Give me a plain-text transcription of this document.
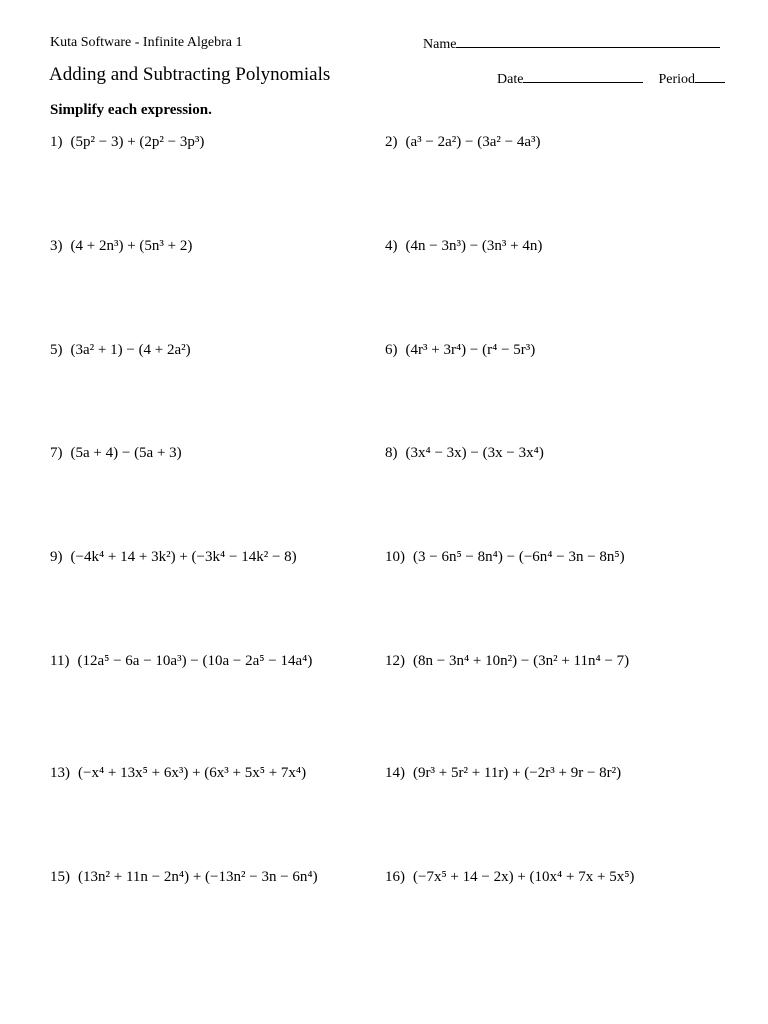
Kuta Software - Infinite Algebra 1	Name
Adding and Subtracting Polynomials	Date	Period
Simplify each expression.
1) (5p² − 3) + (2p² − 3p³)	2) (a³ − 2a²) − (3a² − 4a³)
3) (4 + 2n³) + (5n³ + 2)	4) (4n − 3n³) − (3n³ + 4n)
5) (3a² + 1) − (4 + 2a²)	6) (4r³ + 3r⁴) − (r⁴ − 5r³)
7) (5a + 4) − (5a + 3)	8) (3x⁴ − 3x) − (3x − 3x⁴)
9) (−4k⁴ + 14 + 3k²) + (−3k⁴ − 14k² − 8)	10) (3 − 6n⁵ − 8n⁴) − (−6n⁴ − 3n − 8n⁵)
11) (12a⁵ − 6a − 10a³) − (10a − 2a⁵ − 14a⁴)	12) (8n − 3n⁴ + 10n²) − (3n² + 11n⁴ − 7)
13) (−x⁴ + 13x⁵ + 6x³) + (6x³ + 5x⁵ + 7x⁴)	14) (9r³ + 5r² + 11r) + (−2r³ + 9r − 8r²)
15) (13n² + 11n − 2n⁴) + (−13n² − 3n − 6n⁴)	16) (−7x⁵ + 14 − 2x) + (10x⁴ + 7x + 5x⁵)
